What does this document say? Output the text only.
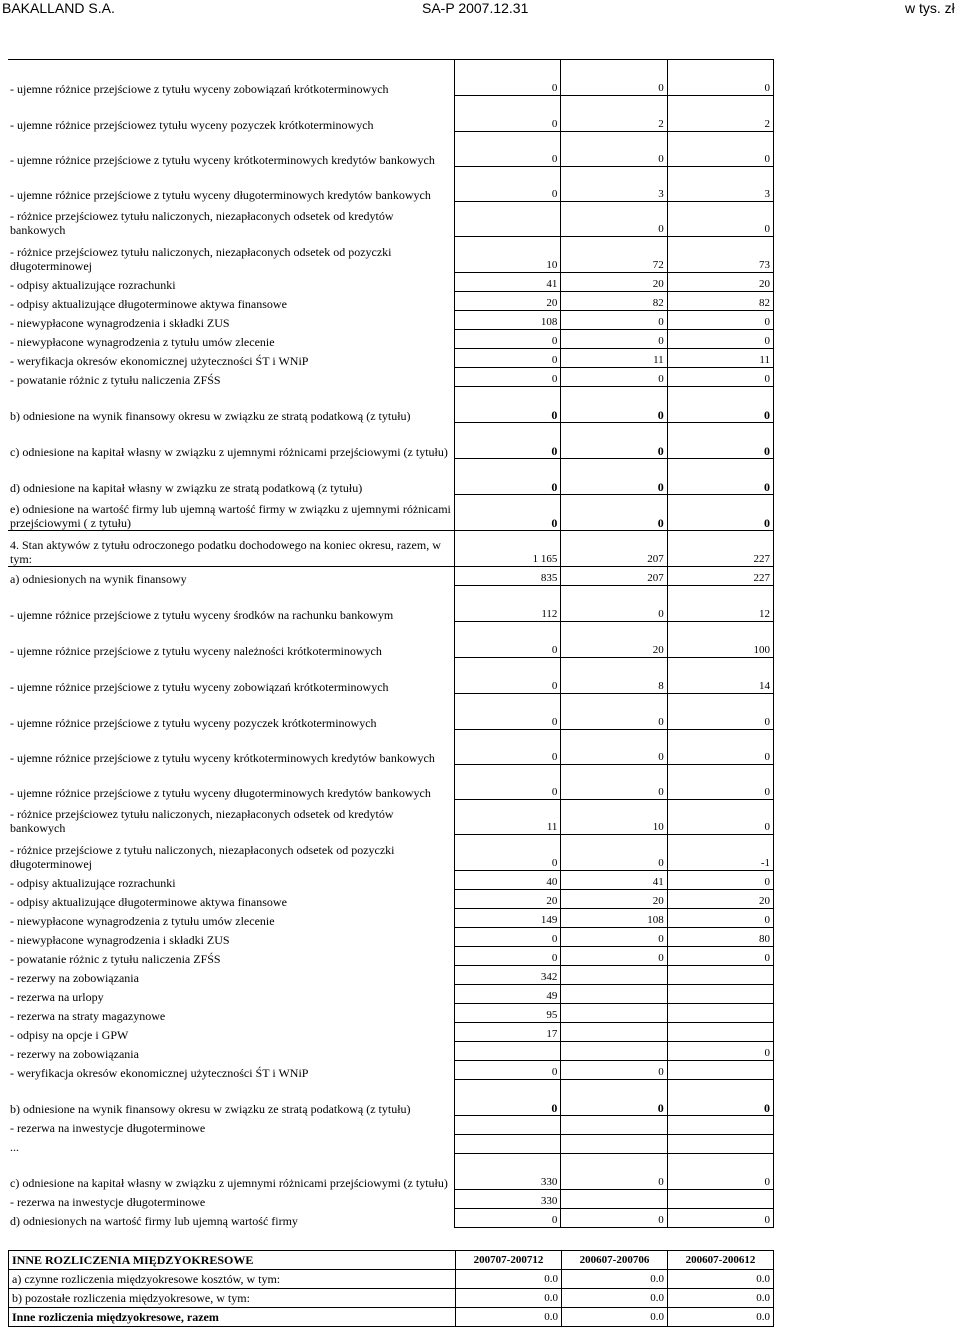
BAKALLAND S.A.	SA-P 2007.12.31	w tys. zł
- ujemne różnice przejściowe z tytułu wyceny zobowiązań krótkoterminowych	0	0	0
- ujemne różnice przejściowez tytułu wyceny pozyczek krótkoterminowych	0	2	2
- ujemne różnice przejściowe z tytułu wyceny krótkoterminowych kredytów bankowych	0	0	0
- ujemne różnice przejściowe z tytułu wyceny długoterminowych kredytów bankowych	0	3	3
- różnice przejściowez tytułu naliczonych, niezapłaconych odsetek od kredytów bankowych		0	0
- różnice przejściowez tytułu naliczonych, niezapłaconych odsetek od pozyczki długoterminowej	10	72	73
- odpisy aktualizujące rozrachunki	41	20	20
- odpisy aktualizujące długoterminowe aktywa finansowe	20	82	82
- niewypłacone wynagrodzenia i składki ZUS	108	0	0
- niewypłacone wynagrodzenia z tytułu umów zlecenie	0	0	0
- weryfikacja okresów ekonomicznej użyteczności ŚT i WNiP	0	11	11
- powatanie różnic z tytułu naliczenia ZFŚS	0	0	0
b) odniesione na wynik finansowy okresu w związku ze stratą podatkową (z tytułu)	0	0	0
c) odniesione na kapitał własny w związku z ujemnymi różnicami przejściowymi (z tytułu)	0	0	0
d) odniesione na kapitał własny w związku ze stratą podatkową (z tytułu)	0	0	0
e) odniesione na wartość firmy lub ujemną wartość firmy w związku z ujemnymi różnicami przejściowymi ( z tytułu)	0	0	0
4. Stan aktywów z tytułu odroczonego podatku dochodowego na koniec okresu, razem, w tym:	1 165	207	227
a) odniesionych na wynik finansowy	835	207	227
- ujemne różnice przejściowe z tytułu wyceny środków na rachunku bankowym	112	0	12
- ujemne różnice przejściowe z tytułu wyceny należności krótkoterminowych	0	20	100
- ujemne różnice przejściowe z tytułu wyceny zobowiązań krótkoterminowych	0	8	14
- ujemne różnice przejściowe z tytułu wyceny pozyczek krótkoterminowych	0	0	0
- ujemne różnice przejściowe z tytułu wyceny krótkoterminowych kredytów bankowych	0	0	0
- ujemne różnice przejściowe z tytułu wyceny długoterminowych kredytów bankowych	0	0	0
- różnice przejściowez tytułu naliczonych, niezapłaconych odsetek od kredytów bankowych	11	10	0
- różnice przejściowe z tytułu naliczonych, niezapłaconych odsetek od pozyczki długoterminowej	0	0	-1
- odpisy aktualizujące rozrachunki	40	41	0
- odpisy aktualizujące długoterminowe aktywa finansowe	20	20	20
- niewypłacone wynagrodzenia z tytułu umów zlecenie	149	108	0
- niewypłacone wynagrodzenia i składki ZUS	0	0	80
- powatanie różnic z tytułu naliczenia ZFŚS	0	0	0
- rezerwy na zobowiązania	342		
- rezerwa na urlopy	49		
- rezerwa na straty magazynowe	95		
- odpisy na opcje i GPW	17		
- rezerwy na zobowiązania			0
- weryfikacja okresów ekonomicznej użyteczności ŚT i WNiP	0	0	
b) odniesione na wynik finansowy okresu w związku ze stratą podatkową (z tytułu)	0	0	0
- rezerwa na inwestycje długoterminowe			
...			
c) odniesione na kapitał własny w związku z ujemnymi różnicami przejściowymi (z tytułu)	330	0	0
- rezerwa na inwestycje długoterminowe	330		
d) odniesionych na wartość firmy lub ujemną wartość firmy	0	0	0
INNE ROZLICZENIA MIĘDZYOKRESOWE	200707-200712	200607-200706	200607-200612
a) czynne rozliczenia międzyokresowe kosztów, w tym:	0.0	0.0	0.0
b) pozostałe rozliczenia międzyokresowe, w tym:	0.0	0.0	0.0
Inne rozliczenia międzyokresowe, razem	0.0	0.0	0.0
